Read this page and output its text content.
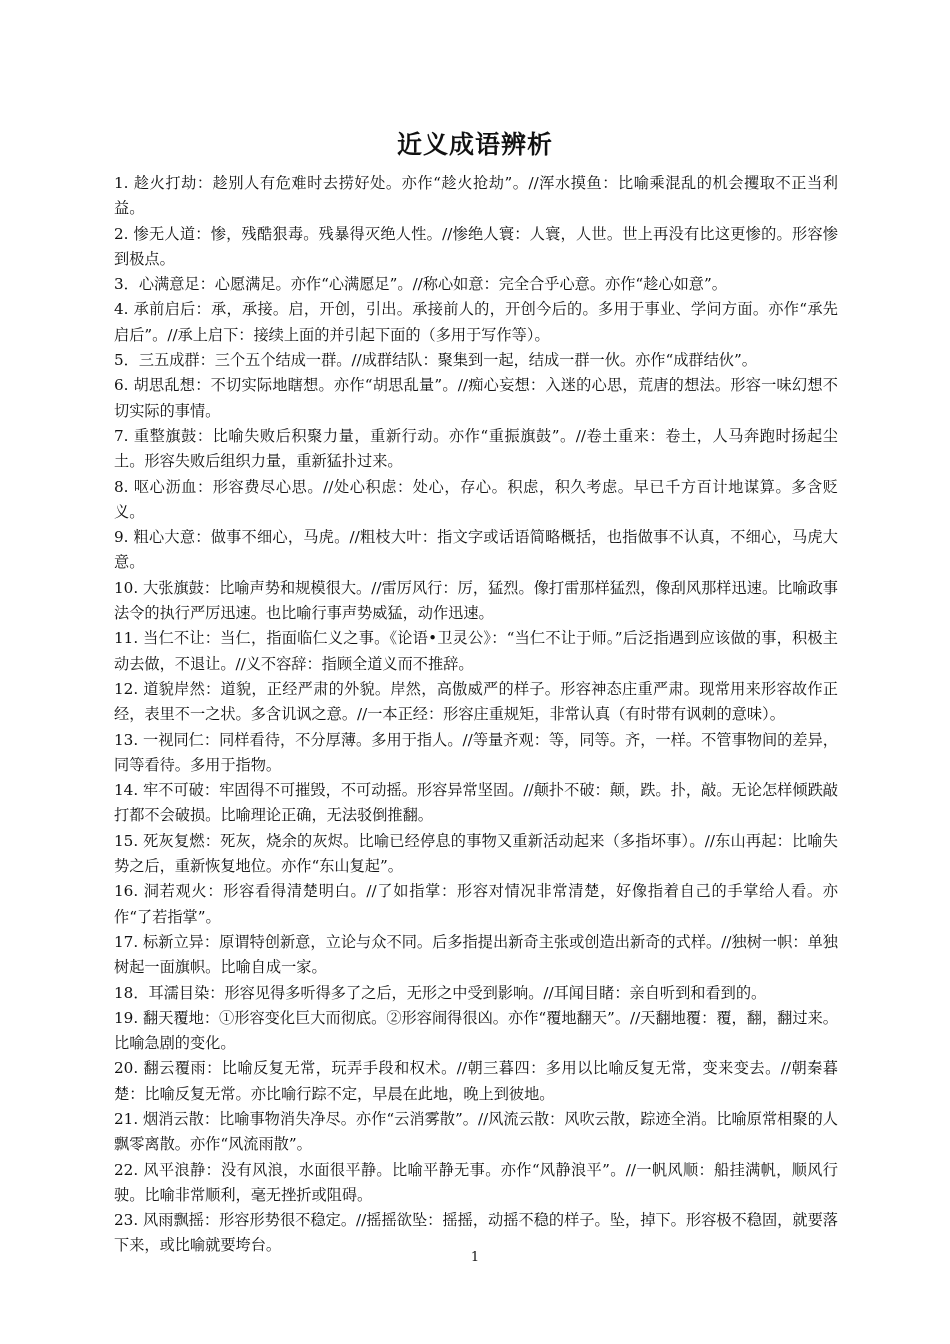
近义成语辨析

1. 趁火打劫：趁别人有危难时去捞好处。亦作“趁火抢劫”。//浑水摸鱼：比喻乘混乱的机会攫取不正当利益。

2. 惨无人道：惨，残酷狠毒。残暴得灭绝人性。//惨绝人寰：人寰，人世。世上再没有比这更惨的。形容惨到极点。

3．心满意足：心愿满足。亦作“心满愿足”。//称心如意：完全合乎心意。亦作“趁心如意”。

4. 承前启后：承，承接。启，开创，引出。承接前人的，开创今后的。多用于事业、学问方面。亦作“承先启后”。//承上启下：接续上面的并引起下面的（多用于写作等）。

5．三五成群：三个五个结成一群。//成群结队：聚集到一起，结成一群一伙。亦作“成群结伙”。

6. 胡思乱想：不切实际地瞎想。亦作“胡思乱量”。//痴心妄想：入迷的心思，荒唐的想法。形容一味幻想不切实际的事情。

7. 重整旗鼓：比喻失败后积聚力量，重新行动。亦作“重振旗鼓”。//卷土重来：卷土，人马奔跑时扬起尘土。形容失败后组织力量，重新猛扑过来。

8. 呕心沥血：形容费尽心思。//处心积虑：处心，存心。积虑，积久考虑。早已千方百计地谋算。多含贬义。

9. 粗心大意：做事不细心，马虎。//粗枝大叶：指文字或话语简略概括，也指做事不认真，不细心，马虎大意。

10. 大张旗鼓：比喻声势和规模很大。//雷厉风行：厉，猛烈。像打雷那样猛烈，像刮风那样迅速。比喻政事法令的执行严厉迅速。也比喻行事声势威猛，动作迅速。

11. 当仁不让：当仁，指面临仁义之事。《论语•卫灵公》：“当仁不让于师。”后泛指遇到应该做的事，积极主动去做，不退让。//义不容辞：指顾全道义而不推辞。

12. 道貌岸然：道貌，正经严肃的外貌。岸然，高傲威严的样子。形容神态庄重严肃。现常用来形容故作正经，表里不一之状。多含讥讽之意。//一本正经：形容庄重规矩，非常认真（有时带有讽刺的意味）。

13. 一视同仁：同样看待，不分厚薄。多用于指人。//等量齐观：等，同等。齐，一样。不管事物间的差异，同等看待。多用于指物。

14. 牢不可破：牢固得不可摧毁，不可动摇。形容异常坚固。//颠扑不破：颠，跌。扑，敲。无论怎样倾跌敲打都不会破损。比喻理论正确，无法驳倒推翻。

15. 死灰复燃：死灰，烧余的灰烬。比喻已经停息的事物又重新活动起来（多指坏事）。//东山再起：比喻失势之后，重新恢复地位。亦作“东山复起”。

16. 洞若观火：形容看得清楚明白。//了如指掌：形容对情况非常清楚，好像指着自己的手掌给人看。亦作“了若指掌”。

17. 标新立异：原谓特创新意，立论与众不同。后多指提出新奇主张或创造出新奇的式样。//独树一帜：单独树起一面旗帜。比喻自成一家。

18．耳濡目染：形容见得多听得多了之后，无形之中受到影响。//耳闻目睹：亲自听到和看到的。

19. 翻天覆地：①形容变化巨大而彻底。②形容闹得很凶。亦作“覆地翻天”。//天翻地覆：覆，翻，翻过来。比喻急剧的变化。

20. 翻云覆雨：比喻反复无常，玩弄手段和权术。//朝三暮四：多用以比喻反复无常，变来变去。//朝秦暮楚：比喻反复无常。亦比喻行踪不定，早晨在此地，晚上到彼地。

21. 烟消云散：比喻事物消失净尽。亦作“云消雾散”。//风流云散：风吹云散，踪迹全消。比喻原常相聚的人飘零离散。亦作“风流雨散”。

22. 风平浪静：没有风浪，水面很平静。比喻平静无事。亦作“风静浪平”。//一帆风顺：船挂满帆，顺风行驶。比喻非常顺利，毫无挫折或阻碍。

23. 风雨飘摇：形容形势很不稳定。//摇摇欲坠：摇摇，动摇不稳的样子。坠，掉下。形容极不稳固，就要落下来，或比喻就要垮台。

1
